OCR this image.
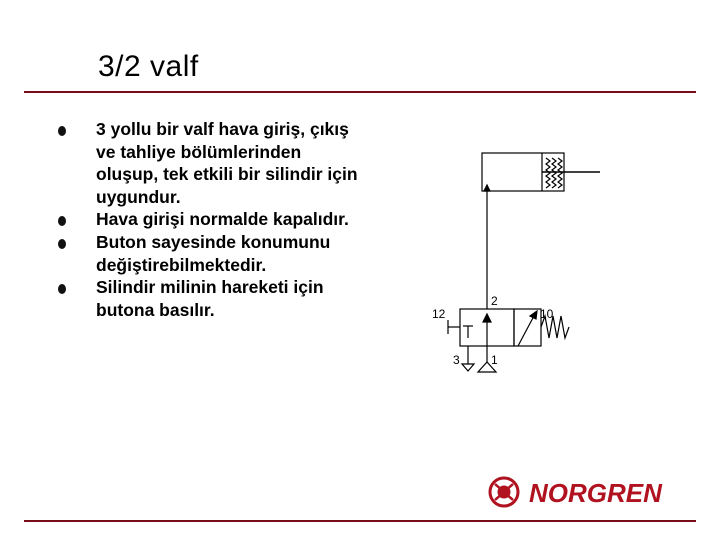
3/2 valf
3 yollu bir valf hava giriş, çıkış ve tahliye bölümlerinden oluşup, tek etkili bir silindir için uygundur.
Hava girişi normalde kapalıdır.
Buton sayesinde konumunu değiştirebilmektedir.
Silindir milinin hareketi için butona basılır.	12
2
10
3	1
NORGREN
